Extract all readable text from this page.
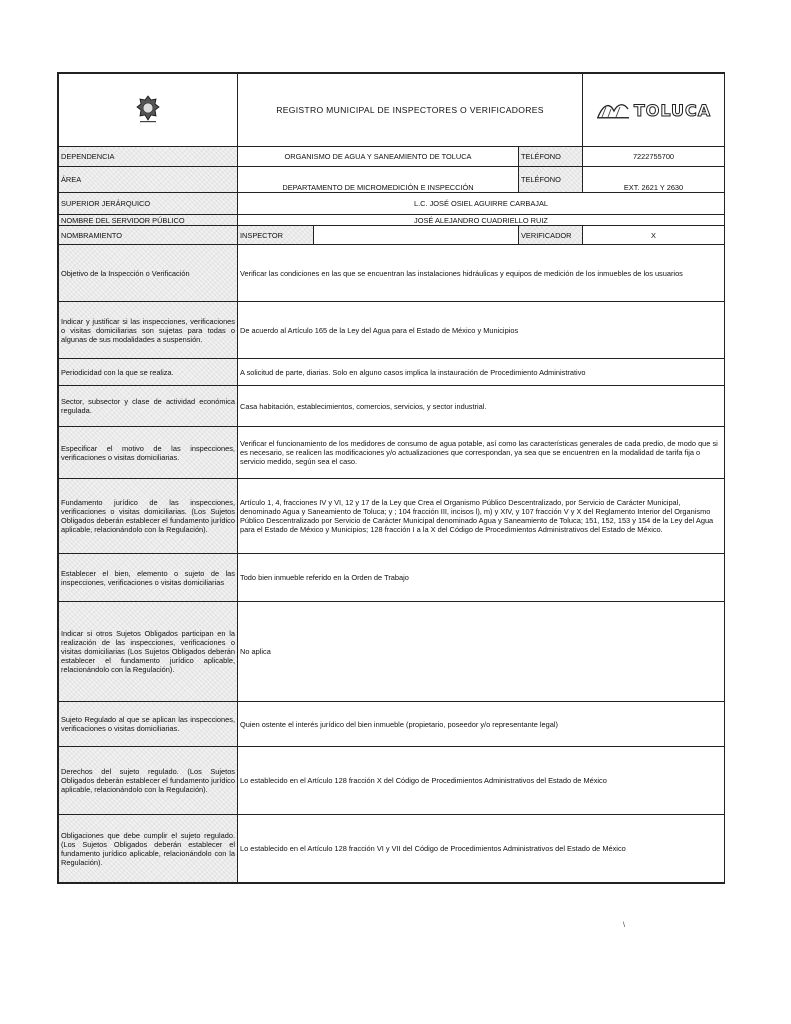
	REGISTRO MUNICIPAL DE INSPECTORES O VERIFICADORES			TOLUCA

DEPENDENCIA	ORGANISMO DE AGUA Y SANEAMIENTO DE TOLUCA		TELÉFONO	7222755700
ÁREA	DEPARTAMENTO DE MICROMEDICIÓN E INSPECCIÓN		TELÉFONO	EXT. 2621 Y 2630
SUPERIOR JERÁRQUICO	L.C. JOSÉ OSIEL AGUIRRE CARBAJAL			
NOMBRE DEL SERVIDOR PÚBLICO	JOSÉ ALEJANDRO CUADRIELLO RUIZ			
NOMBRAMIENTO	INSPECTOR		VERIFICADOR	X
Objetivo de la Inspección o Verificación	Verificar las condiciones en las que se encuentran las instalaciones hidráulicas y equipos de medición de los inmuebles de los usuarios			
Indicar y justificar si las inspecciones, verificaciones o visitas domiciliarias son sujetas para todas o algunas de sus modalidades a suspensión.	De acuerdo al Artículo 165 de la Ley del Agua para el Estado de México y Municipios			
Periodicidad con la que se realiza.	A solicitud de parte, diarias. Solo en alguno casos implica la instauración de Procedimiento Administrativo			
Sector, subsector y clase de actividad económica regulada.	Casa habitación, establecimientos, comercios, servicios, y sector industrial.			
Especificar el motivo de las inspecciones, verificaciones o visitas domiciliarias.	Verificar el funcionamiento de los medidores de consumo de agua potable, así como las características generales de cada predio, de modo que si es necesario, se realicen las modificaciones y/o actualizaciones que correspondan, ya sea que se encuentren en la modalidad de tarifa fija o servicio medido, según sea el caso.			
Fundamento jurídico de las inspecciones, verificaciones o visitas domiciliarias. (Los Sujetos Obligados deberán establecer el fundamento jurídico aplicable, relacionándolo con la Regulación).	Artículo 1, 4, fracciones IV y VI, 12 y 17 de la Ley que Crea el Organismo Público Descentralizado, por Servicio de Carácter Municipal, denominado Agua y Saneamiento de Toluca; y ; 104 fracción III, incisos l), m) y XIV, y 107 fracción V y X del Reglamento Interior del Organismo Público Descentralizado por Servicio de Carácter Municipal denominado Agua y Saneamiento de Toluca; 151, 152, 153 y 154 de la Ley del Agua para el Estado de México y Municipios; 128 fracción I a la X del Código de Procedimientos Administrativos del Estado de México.			
Establecer el bien, elemento o sujeto de las inspecciones, verificaciones o visitas domiciliarias	Todo bien inmueble referido en la Orden de Trabajo			
Indicar si otros Sujetos Obligados participan en la realización de las inspecciones, verificaciones o visitas domiciliarias (Los Sujetos Obligados deberán establecer el fundamento jurídico aplicable, relacionándolo con la Regulación).	No aplica			
Sujeto Regulado al que se aplican las inspecciones, verificaciones o visitas domiciliarias.	Quien ostente el interés jurídico del bien inmueble (propietario, poseedor y/o representante legal)			
Derechos del sujeto regulado. (Los Sujetos Obligados deberán establecer el fundamento jurídico aplicable, relacionándolo con la Regulación).	Lo establecido en el Artículo 128 fracción X del Código de Procedimientos Administrativos del Estado de México			
Obligaciones que debe cumplir el sujeto regulado. (Los Sujetos Obligados deberán establecer el fundamento jurídico aplicable, relacionándolo con la Regulación).	Lo establecido en el Artículo 128 fracción VI y VII del Código de Procedimientos Administrativos del Estado de México			
\
